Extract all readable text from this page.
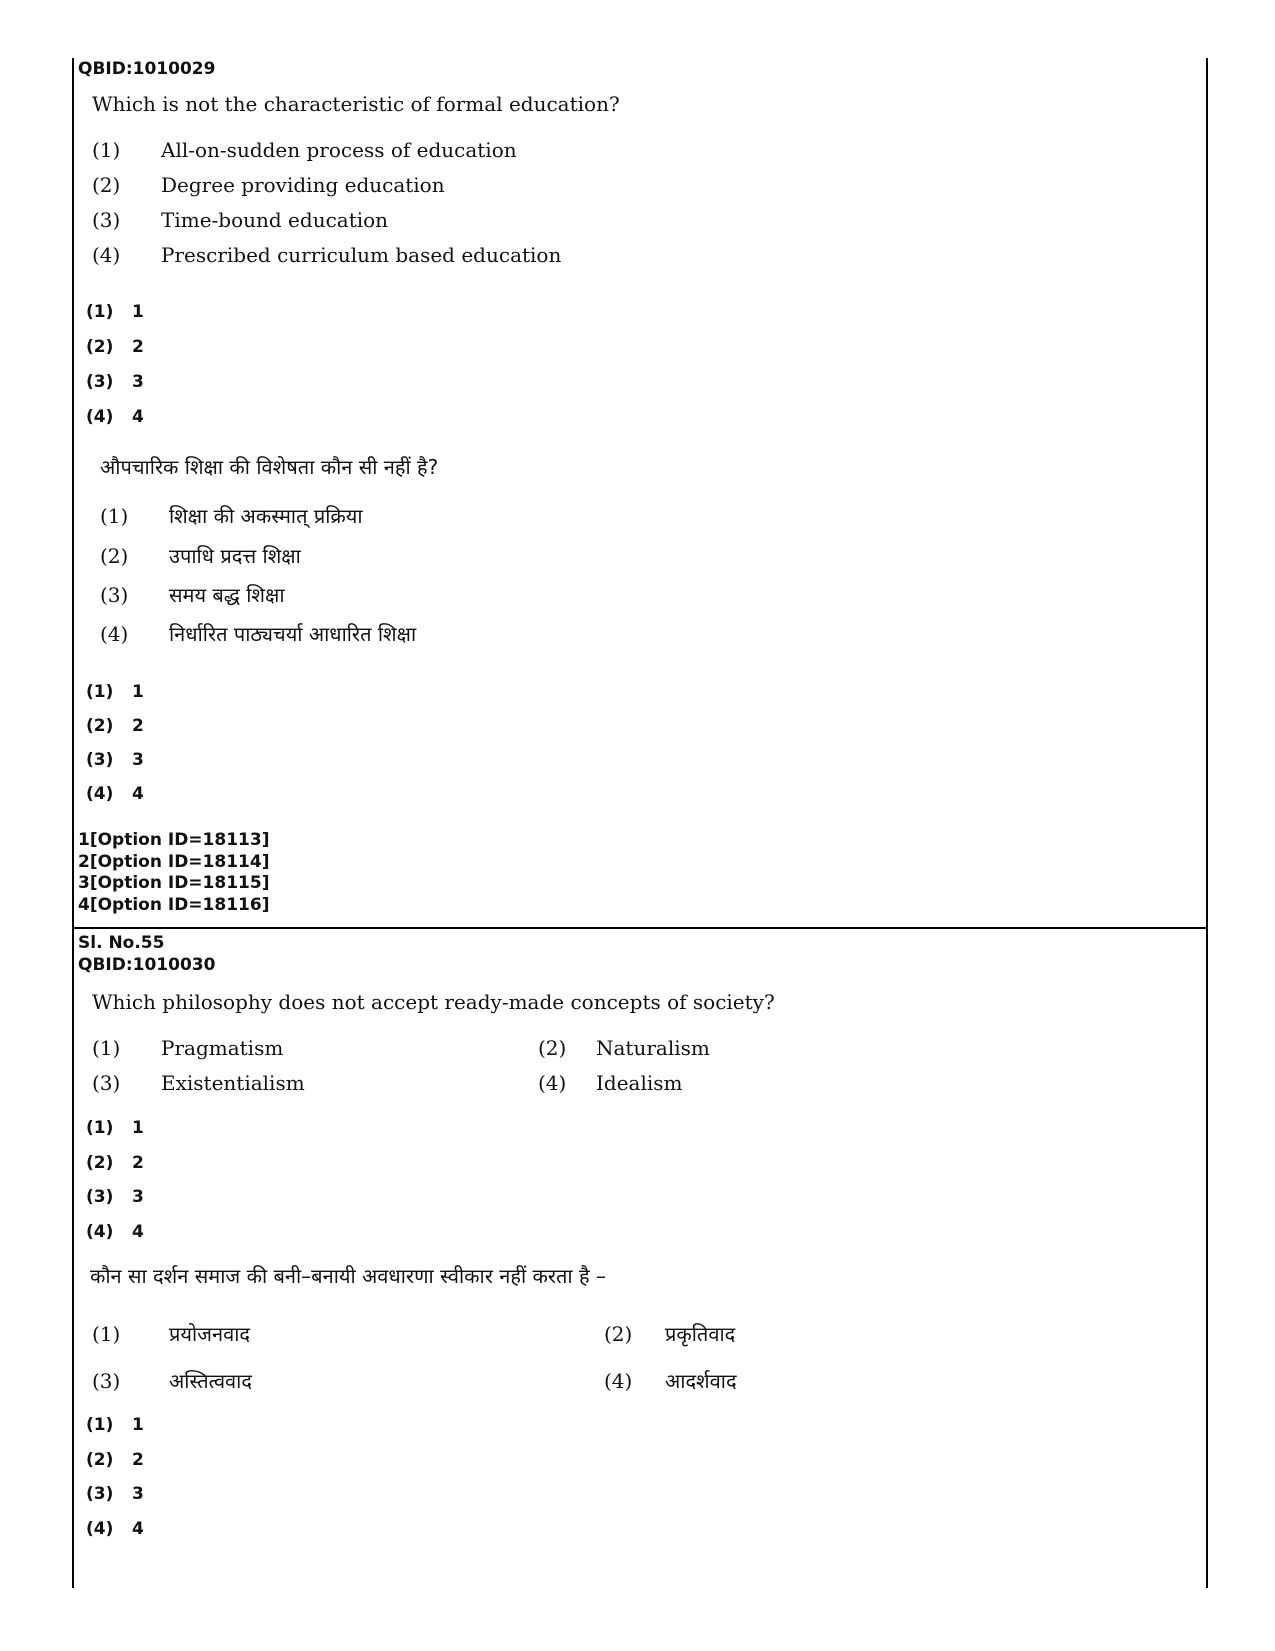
QBID:1010029
Which is not the characteristic of formal education?
(1) All-on-sudden process of education
(2) Degree providing education
(3) Time-bound education
(4) Prescribed curriculum based education
(1) 1
(2) 2
(3) 3
(4) 4
औपचारिक शिक्षा की विशेषता कौन सी नहीं है?
(1) शिक्षा की अकस्मात् प्रक्रिया
(2) उपाधि प्रदत्त शिक्षा
(3) समय बद्ध शिक्षा
(4) निर्धारित पाठ्यचर्या आधारित शिक्षा
(1) 1
(2) 2
(3) 3
(4) 4
1[Option ID=18113]
2[Option ID=18114]
3[Option ID=18115]
4[Option ID=18116]
Sl. No.55
QBID:1010030
Which philosophy does not accept ready-made concepts of society?
(1) Pragmatism	(2) Naturalism
(3) Existentialism	(4) Idealism
(1) 1
(2) 2
(3) 3
(4) 4
कौन सा दर्शन समाज की बनी–बनायी अवधारणा स्वीकार नहीं करता है –
(1) प्रयोजनवाद	(2) प्रकृतिवाद
(3) अस्तित्ववाद	(4) आदर्शवाद
(1) 1
(2) 2
(3) 3
(4) 4
